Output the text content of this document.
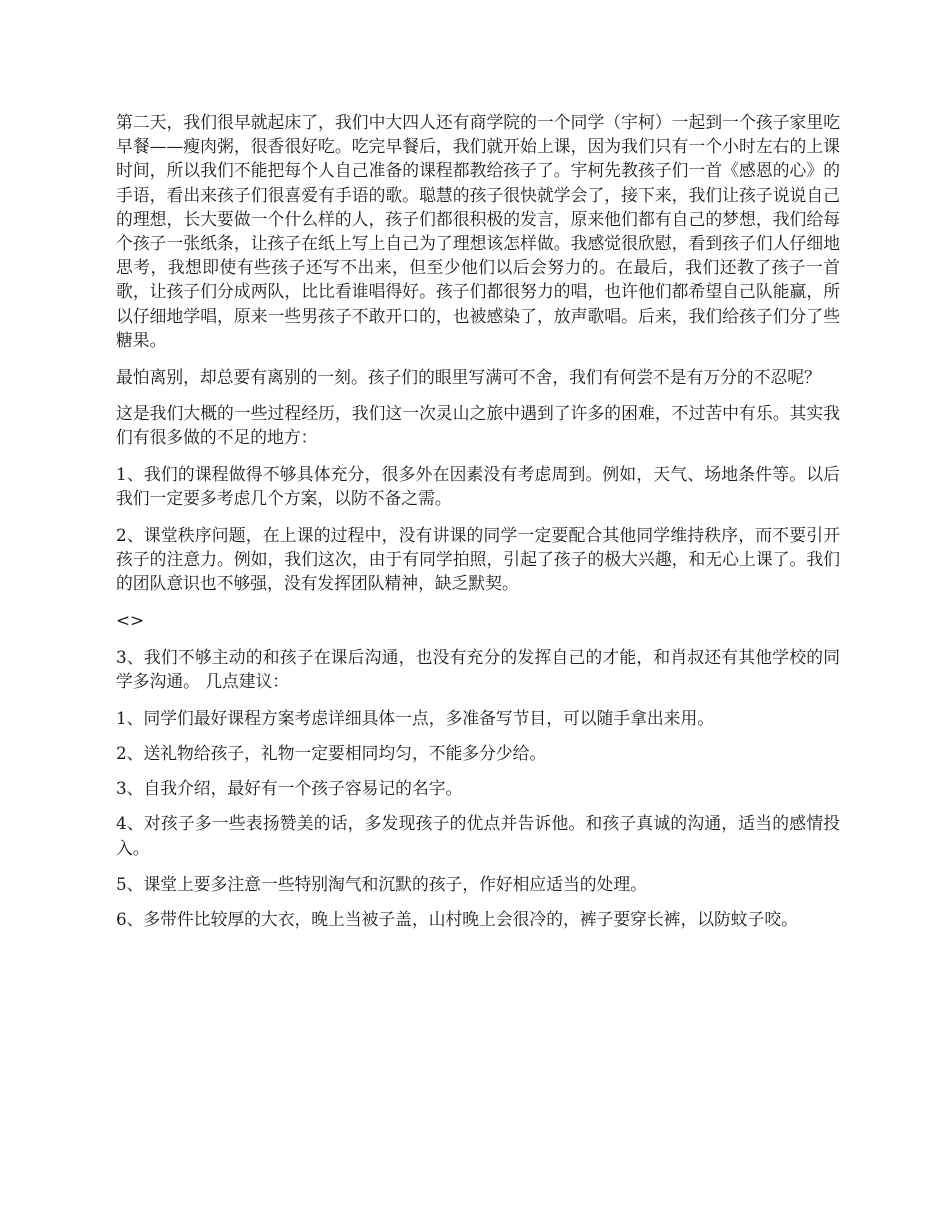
第二天，我们很早就起床了，我们中大四人还有商学院的一个同学（宇柯）一起到一个孩子家里吃早餐——瘦肉粥，很香很好吃。吃完早餐后，我们就开始上课，因为我们只有一个小时左右的上课时间，所以我们不能把每个人自己准备的课程都教给孩子了。宇柯先教孩子们一首《感恩的心》的手语，看出来孩子们很喜爱有手语的歌。聪慧的孩子很快就学会了，接下来，我们让孩子说说自己的理想，长大要做一个什么样的人，孩子们都很积极的发言，原来他们都有自己的梦想，我们给每个孩子一张纸条，让孩子在纸上写上自己为了理想该怎样做。我感觉很欣慰，看到孩子们人仔细地思考，我想即使有些孩子还写不出来，但至少他们以后会努力的。在最后，我们还教了孩子一首歌，让孩子们分成两队，比比看谁唱得好。孩子们都很努力的唱，也许他们都希望自己队能赢，所以仔细地学唱，原来一些男孩子不敢开口的，也被感染了，放声歌唱。后来，我们给孩子们分了些糖果。

最怕离别，却总要有离别的一刻。孩子们的眼里写满可不舍，我们有何尝不是有万分的不忍呢？

这是我们大概的一些过程经历，我们这一次灵山之旅中遇到了许多的困难，不过苦中有乐。其实我们有很多做的不足的地方：

1、我们的课程做得不够具体充分，很多外在因素没有考虑周到。例如，天气、场地条件等。以后我们一定要多考虑几个方案，以防不备之需。

2、课堂秩序问题，在上课的过程中，没有讲课的同学一定要配合其他同学维持秩序，而不要引开孩子的注意力。例如，我们这次，由于有同学拍照，引起了孩子的极大兴趣，和无心上课了。我们的团队意识也不够强，没有发挥团队精神，缺乏默契。

<>

3、我们不够主动的和孩子在课后沟通，也没有充分的发挥自己的才能，和肖叔还有其他学校的同学多沟通。 几点建议：

1、同学们最好课程方案考虑详细具体一点，多准备写节目，可以随手拿出来用。

2、送礼物给孩子，礼物一定要相同均匀，不能多分少给。

3、自我介绍，最好有一个孩子容易记的名字。

4、对孩子多一些表扬赞美的话，多发现孩子的优点并告诉他。和孩子真诚的沟通，适当的感情投入。

5、课堂上要多注意一些特别淘气和沉默的孩子，作好相应适当的处理。

6、多带件比较厚的大衣，晚上当被子盖，山村晚上会很冷的，裤子要穿长裤，以防蚊子咬。
